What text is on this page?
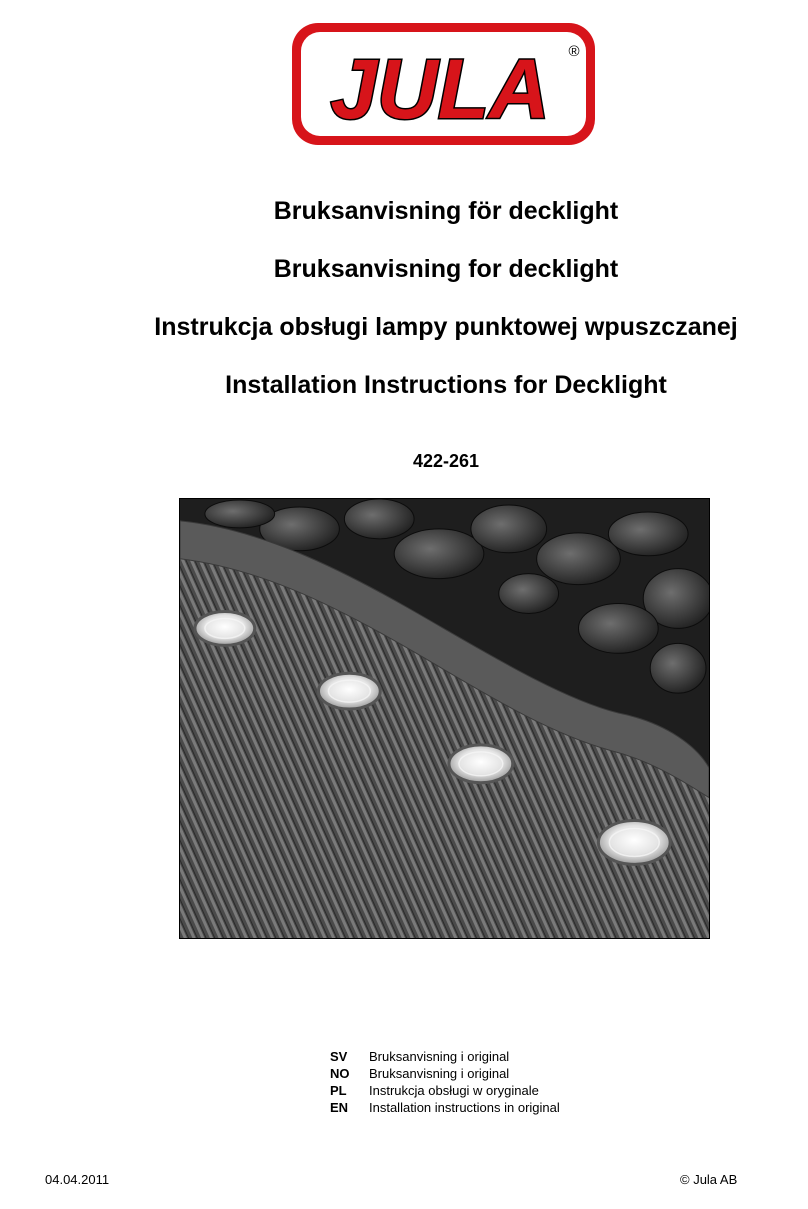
JULA ®
Bruksanvisning för decklight
Bruksanvisning for decklight
Instrukcja obsługi lampy punktowej wpuszczanej
Installation Instructions for Decklight
422-261
SV	Bruksanvisning i original
NO	Bruksanvisning i original
PL	Instrukcja obsługi w oryginale
EN	Installation instructions in original
04.04.2011	© Jula AB
